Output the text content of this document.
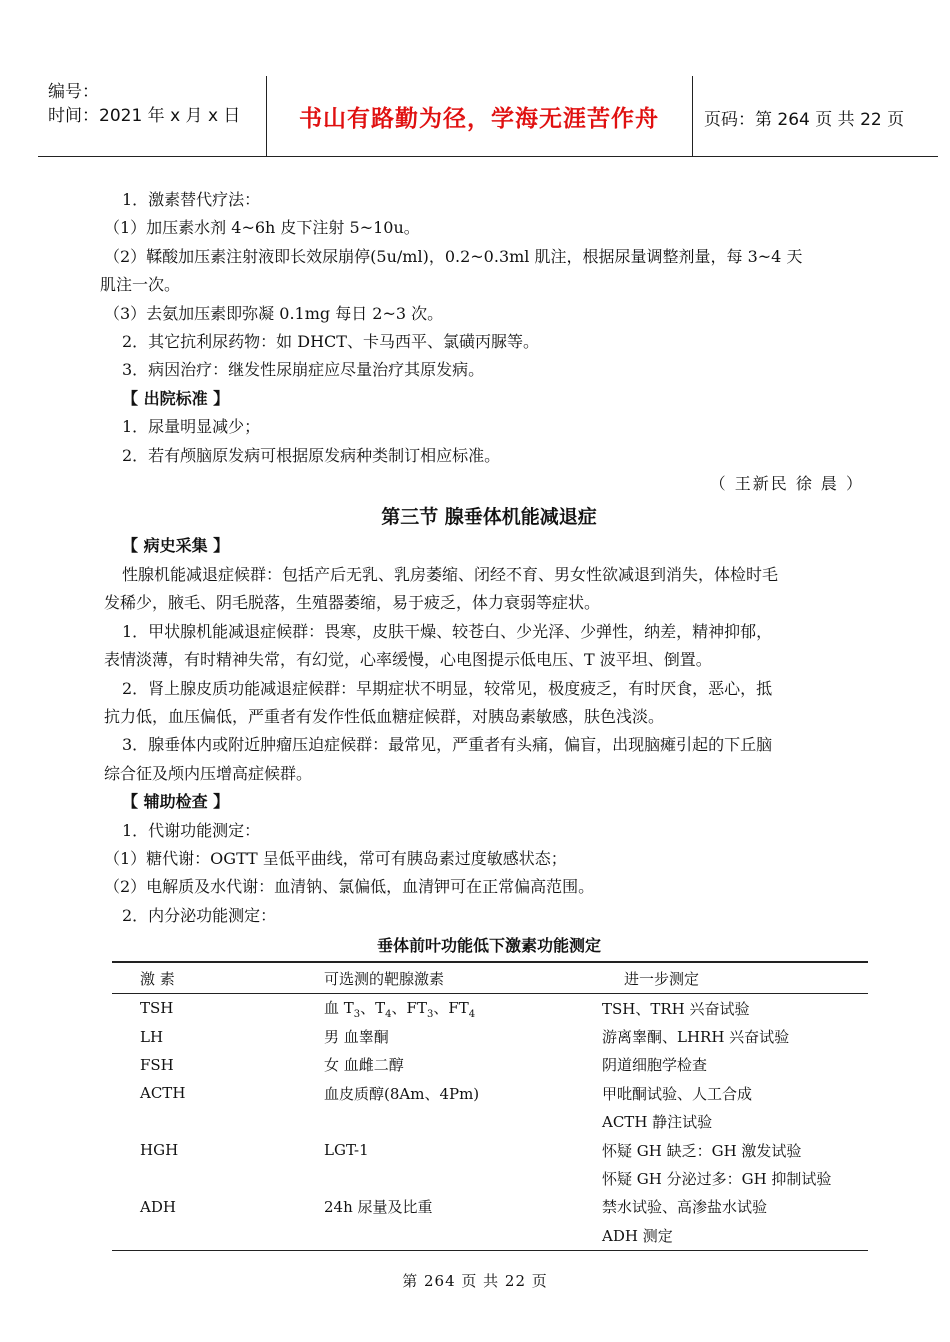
编号：
时间：2021 年 x 月 x 日	书山有路勤为径，学海无涯苦作舟	页码：第 264 页 共 22 页

1．激素替代疗法：

（1）加压素水剂 4~6h 皮下注射 5~10u。

（2）鞣酸加压素注射液即长效尿崩停(5u/ml)，0.2~0.3ml 肌注，根据尿量调整剂量，每 3~4 天

肌注一次。

（3）去氨加压素即弥凝 0.1mg 每日 2~3 次。

2．其它抗利尿药物：如 DHCT、卡马西平、氯磺丙脲等。

3．病因治疗：继发性尿崩症应尽量治疗其原发病。

【 出院标准 】

1．尿量明显减少；

2．若有颅脑原发病可根据原发病种类制订相应标准。

（ 王新民 徐 晨 ）

第三节 腺垂体机能减退症

【 病史采集 】

性腺机能减退症候群：包括产后无乳、乳房萎缩、闭经不育、男女性欲减退到消失，体检时毛

发稀少，腋毛、阴毛脱落，生殖器萎缩，易于疲乏，体力衰弱等症状。

1．甲状腺机能减退症候群：畏寒，皮肤干燥、较苍白、少光泽、少弹性，纳差，精神抑郁，

表情淡薄，有时精神失常，有幻觉，心率缓慢，心电图提示低电压、T 波平坦、倒置。

2．肾上腺皮质功能减退症候群：早期症状不明显，较常见，极度疲乏，有时厌食，恶心，抵

抗力低，血压偏低，严重者有发作性低血糖症候群，对胰岛素敏感，肤色浅淡。

3．腺垂体内或附近肿瘤压迫症候群：最常见，严重者有头痛，偏盲，出现脑瘫引起的下丘脑

综合征及颅内压增高症候群。

【 辅助检查 】

1．代谢功能测定：

（1）糖代谢：OGTT 呈低平曲线，常可有胰岛素过度敏感状态；

（2）电解质及水代谢：血清钠、氯偏低，血清钾可在正常偏高范围。

2．内分泌功能测定：

垂体前叶功能低下激素功能测定

激 素	可选测的靶腺激素	进一步测定
TSH	血 $T_3$、$T_4$、$FT_3$、$FT_4$	TSH、TRH 兴奋试验
LH	男 血睾酮	游离睾酮、LHRH 兴奋试验
FSH	女 血雌二醇	阴道细胞学检查
ACTH	血皮质醇(8Am、4Pm)	甲吡酮试验、人工合成
		ACTH 静注试验
HGH	LGT-1	怀疑 GH 缺乏：GH 激发试验
		怀疑 GH 分泌过多：GH 抑制试验
ADH	24h 尿量及比重	禁水试验、高渗盐水试验
		ADH 测定
第 264 页 共 22 页
